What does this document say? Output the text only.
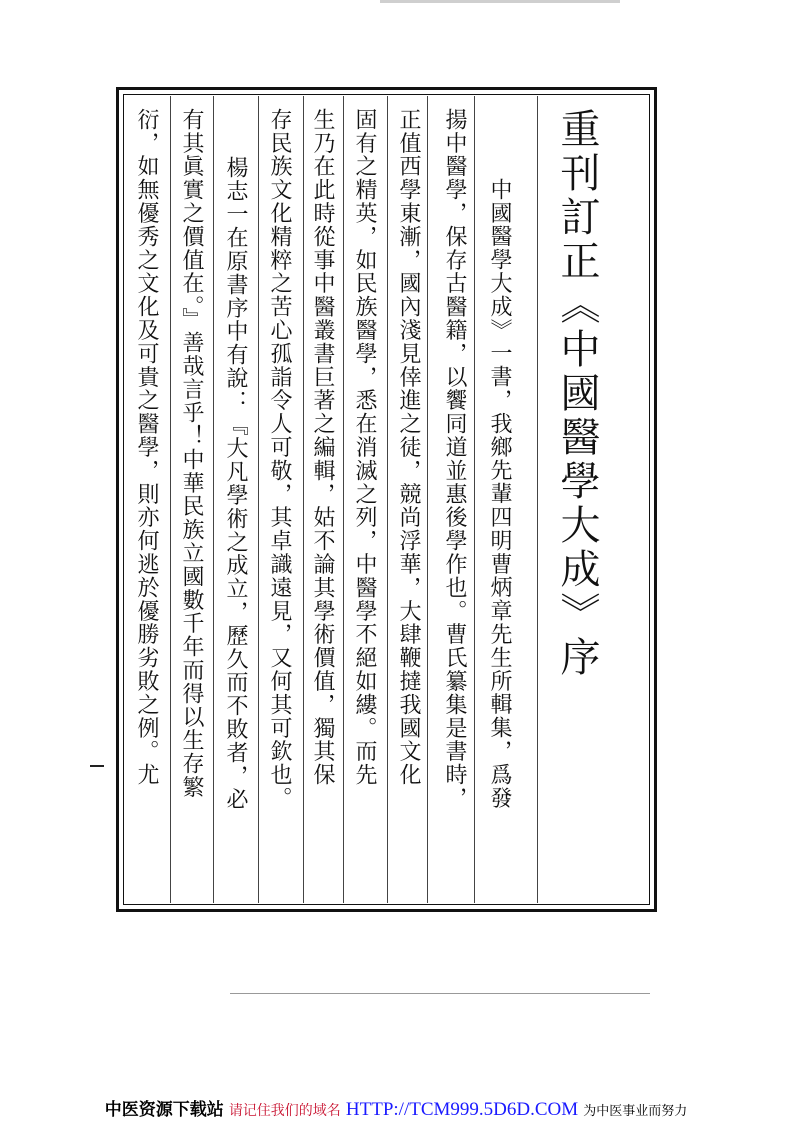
重刊訂正《中國醫學大成》序
中國醫學大成》一書，我鄉先輩四明曹炳章先生所輯集，爲發
揚中醫學，保存古醫籍，以饗同道並惠後學作也。曹氏纂集是書時，
正值西學東漸，國內淺見倖進之徒，競尚浮華，大肆鞭撻我國文化
固有之精英，如民族醫學，悉在消滅之列，中醫學不絕如縷。而先
生乃在此時從事中醫叢書巨著之編輯，姑不論其學術價值，獨其保
存民族文化精粹之苦心孤詣令人可敬，其卓識遠見，又何其可欽也。
楊志一在原書序中有說：『大凡學術之成立，歷久而不敗者，必
有其眞實之價值在。』善哉言乎！中華民族立國數千年而得以生存繁
衍，如無優秀之文化及可貴之醫學，則亦何逃於優勝劣敗之例。尤
中医资源下载站 请记住我们的域名 HTTP://TCM999.5D6D.COM 为中医事业而努力
